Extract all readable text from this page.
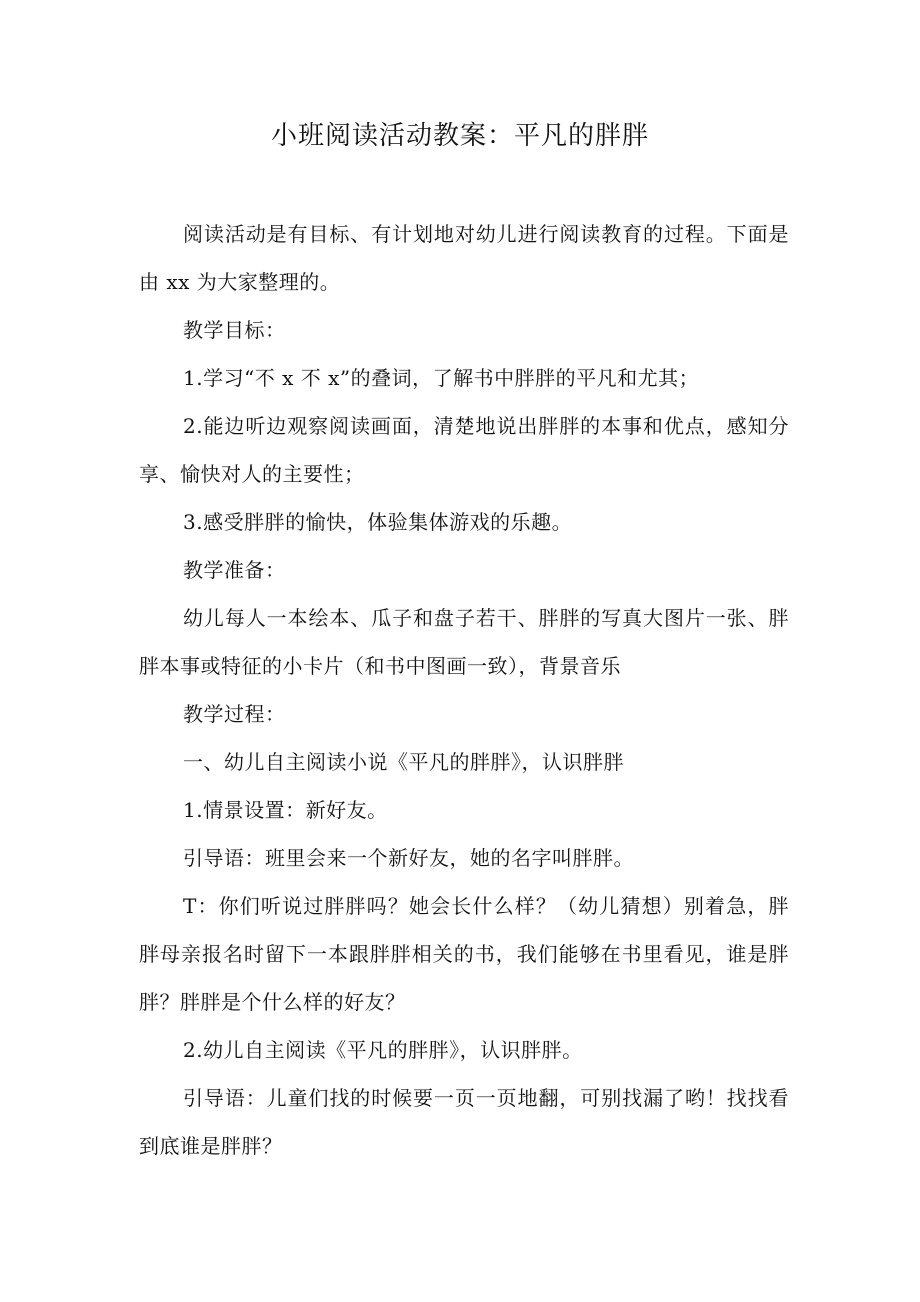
小班阅读活动教案：平凡的胖胖

阅读活动是有目标、有计划地对幼儿进行阅读教育的过程。下面是由 xx 为大家整理的。

教学目标：

1.学习“不 x 不 x”的叠词，了解书中胖胖的平凡和尤其；

2.能边听边观察阅读画面，清楚地说出胖胖的本事和优点，感知分享、愉快对人的主要性；

3.感受胖胖的愉快，体验集体游戏的乐趣。

教学准备：

幼儿每人一本绘本、瓜子和盘子若干、胖胖的写真大图片一张、胖胖本事或特征的小卡片（和书中图画一致），背景音乐

教学过程：

一、幼儿自主阅读小说《平凡的胖胖》，认识胖胖

1.情景设置：新好友。

引导语：班里会来一个新好友，她的名字叫胖胖。

T：你们听说过胖胖吗？她会长什么样？（幼儿猜想）别着急，胖胖母亲报名时留下一本跟胖胖相关的书，我们能够在书里看见，谁是胖胖？胖胖是个什么样的好友？

2.幼儿自主阅读《平凡的胖胖》，认识胖胖。

引导语：儿童们找的时候要一页一页地翻，可别找漏了哟！找找看到底谁是胖胖？
